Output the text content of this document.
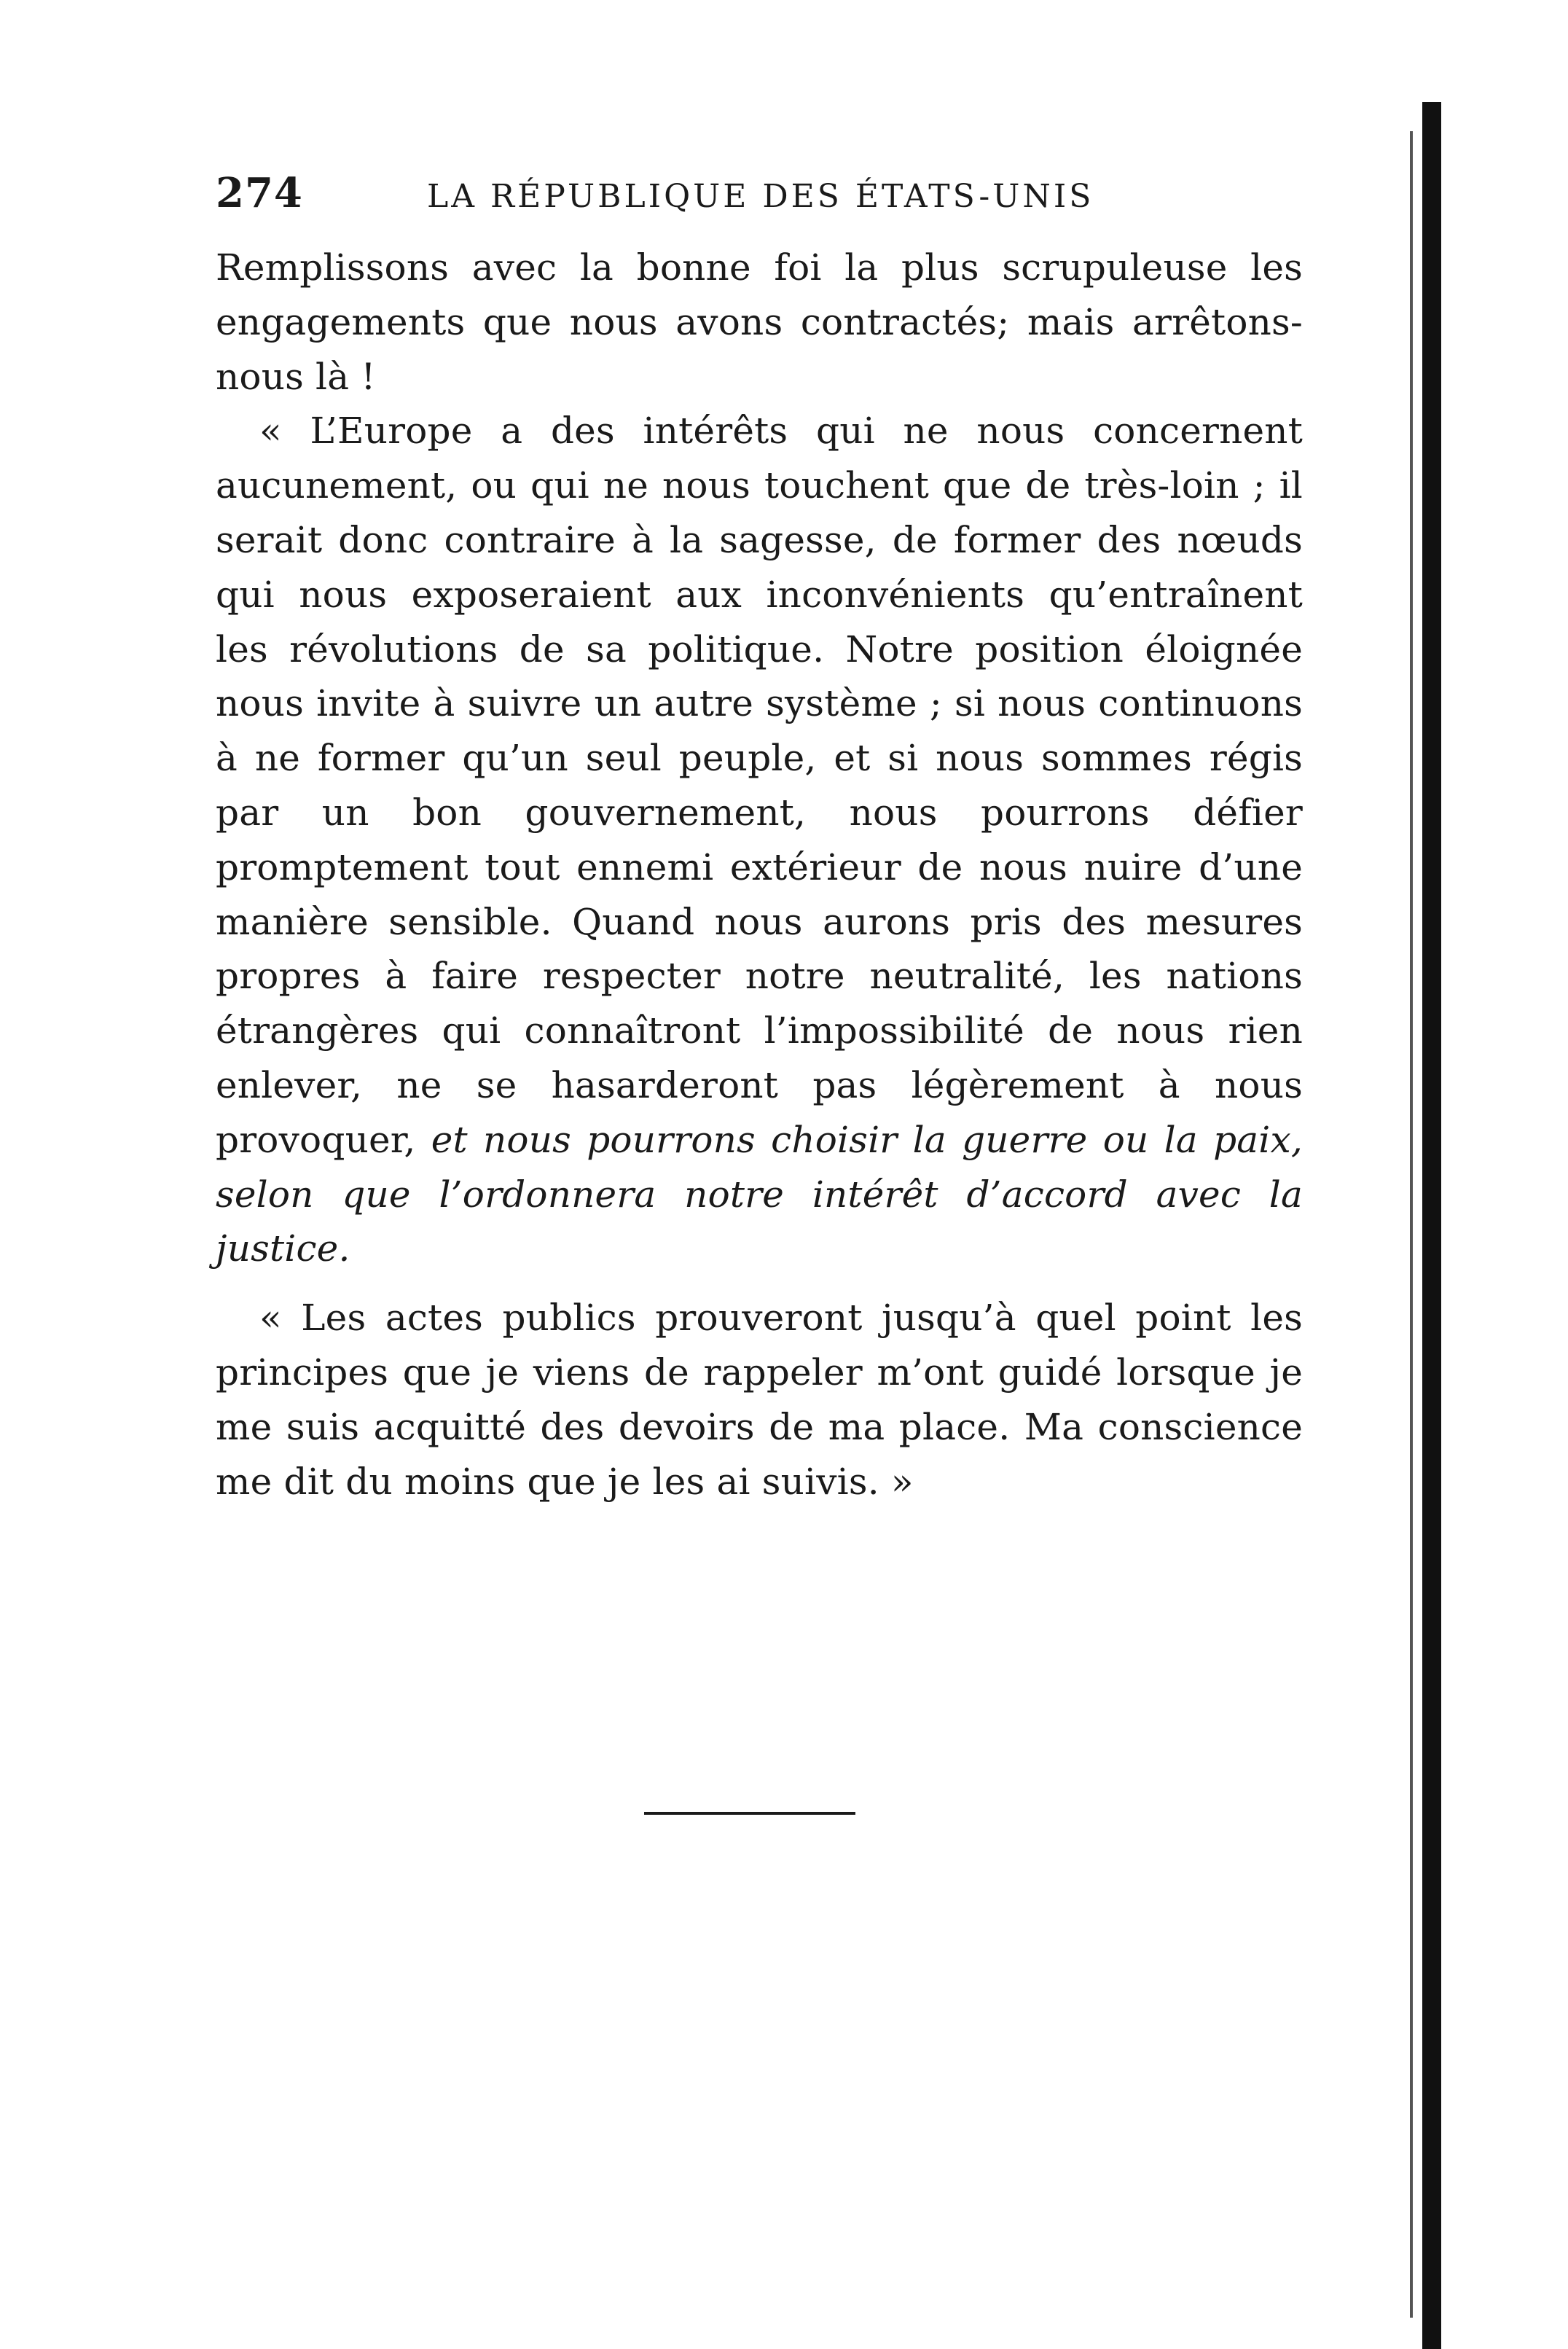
274	LA RÉPUBLIQUE DES ÉTATS-UNIS

Remplissons avec la bonne foi la plus scrupuleuse les engagements que nous avons contractés; mais arrêtons-nous là !

« L’Europe a des intérêts qui ne nous concernent aucunement, ou qui ne nous touchent que de très-loin ; il serait donc contraire à la sagesse, de former des nœuds qui nous exposeraient aux inconvénients qu’entraînent les révolutions de sa politique. Notre position éloignée nous invite à suivre un autre système ; si nous continuons à ne former qu’un seul peuple, et si nous sommes régis par un bon gouvernement, nous pourrons défier promptement tout ennemi extérieur de nous nuire d’une manière sensible. Quand nous aurons pris des mesures propres à faire respecter notre neutralité, les nations étrangères qui connaîtront l’impossibilité de nous rien enlever, ne se hasarderont pas légèrement à nous provoquer, et nous pourrons choisir la guerre ou la paix, selon que l’ordonnera notre intérêt d’accord avec la justice.

« Les actes publics prouveront jusqu’à quel point les principes que je viens de rappeler m’ont guidé lorsque je me suis acquitté des devoirs de ma place. Ma conscience me dit du moins que je les ai suivis. »
